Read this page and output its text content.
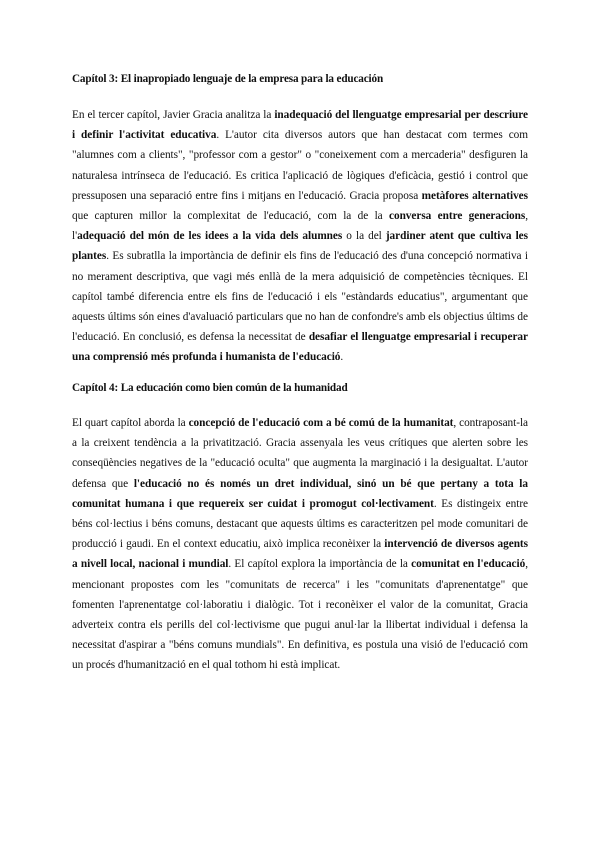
Capítol 3: El inapropiado lenguaje de la empresa para la educación

En el tercer capítol, Javier Gracia analitza la inadequació del llenguatge empresarial per descriure i definir l'activitat educativa. L'autor cita diversos autors que han destacat com termes com "alumnes com a clients", "professor com a gestor" o "coneixement com a mercaderia" desfiguren la naturalesa intrínseca de l'educació. Es critica l'aplicació de lògiques d'eficàcia, gestió i control que pressuposen una separació entre fins i mitjans en l'educació. Gracia proposa metàfores alternatives que capturen millor la complexitat de l'educació, com la de la conversa entre generacions, l'adequació del món de les idees a la vida dels alumnes o la del jardiner atent que cultiva les plantes. Es subratlla la importància de definir els fins de l'educació des d'una concepció normativa i no merament descriptiva, que vagi més enllà de la mera adquisició de competències tècniques. El capítol també diferencia entre els fins de l'educació i els "estàndards educatius", argumentant que aquests últims són eines d'avaluació particulars que no han de confondre's amb els objectius últims de l'educació. En conclusió, es defensa la necessitat de desafiar el llenguatge empresarial i recuperar una comprensió més profunda i humanista de l'educació.

Capítol 4: La educación como bien común de la humanidad

El quart capítol aborda la concepció de l'educació com a bé comú de la humanitat, contraposant-la a la creixent tendència a la privatització. Gracia assenyala les veus crítiques que alerten sobre les conseqüències negatives de la "educació oculta" que augmenta la marginació i la desigualtat. L'autor defensa que l'educació no és només un dret individual, sinó un bé que pertany a tota la comunitat humana i que requereix ser cuidat i promogut col·lectivament. Es distingeix entre béns col·lectius i béns comuns, destacant que aquests últims es caracteritzen pel mode comunitari de producció i gaudi. En el context educatiu, això implica reconèixer la intervenció de diversos agents a nivell local, nacional i mundial. El capítol explora la importància de la comunitat en l'educació, mencionant propostes com les "comunitats de recerca" i les "comunitats d'aprenentatge" que fomenten l'aprenentatge col·laboratiu i dialògic. Tot i reconèixer el valor de la comunitat, Gracia adverteix contra els perills del col·lectivisme que pugui anul·lar la llibertat individual i defensa la necessitat d'aspirar a "béns comuns mundials". En definitiva, es postula una visió de l'educació com un procés d'humanització en el qual tothom hi està implicat.
